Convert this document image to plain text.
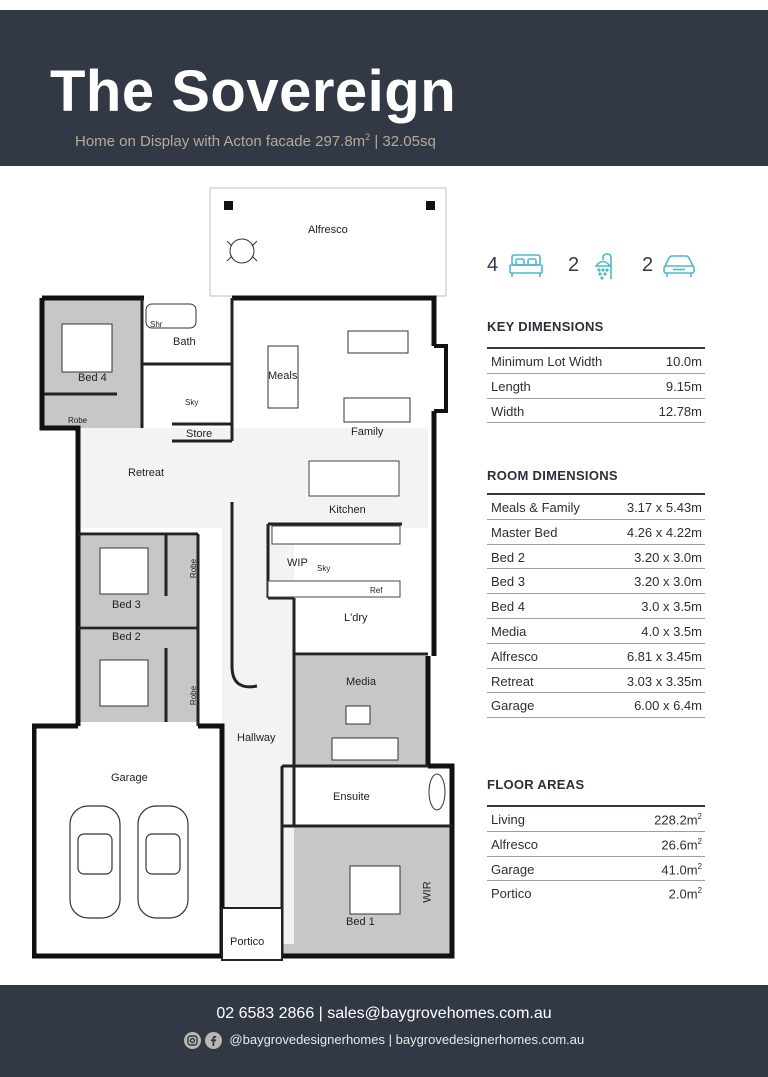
The Sovereign
Home on Display with Acton facade $297.8m^2$ | 32.05sq
Alfresco
Bath
Shr
Bed 4
Robe
Meals
Family
Sky
Store
Retreat
Kitchen
WIP Sky
Ref
Bed 3
Robe
L'dry
Bed 2
Robe
Media
Hallway
Garage
Ensuite
Bed 1
WIR
Portico
4	2	2
KEY DIMENSIONS
Minimum Lot Width	10.0m
Length	9.15m
Width	12.78m
ROOM DIMENSIONS
Meals & Family	3.17 x 5.43m
Master Bed	4.26 x 4.22m
Bed 2	3.20 x 3.0m
Bed 3	3.20 x 3.0m
Bed 4	3.0 x 3.5m
Media	4.0 x 3.5m
Alfresco	6.81 x 3.45m
Retreat	3.03 x 3.35m
Garage	6.00 x 6.4m
FLOOR AREAS
Living	$228.2m^2$
Alfresco	$26.6m^2$
Garage	$41.0m^2$
Portico	$2.0m^2$
02 6583 2866 | sales@baygrovehomes.com.au
@baygrovedesignerhomes | baygrovedesignerhomes.com.au
